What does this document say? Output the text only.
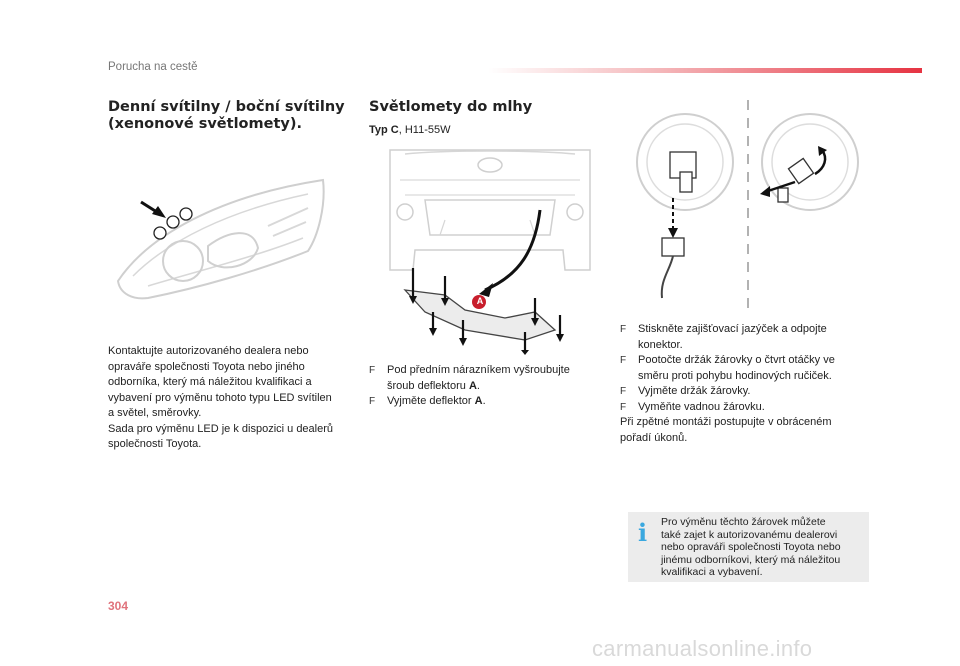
Porucha na cestě
Denní svítilny / boční svítilny (xenonové světlomety).
Světlomety do mlhy
Typ C, H11-55W
Kontaktujte autorizovaného dealera nebo
opraváře společnosti Toyota nebo jiného
odborníka, který má náležitou kvalifikaci a
vybavení pro výměnu tohoto typu LED svítilen
a světel, směrovky.
Sada pro výměnu LED je k dispozici u dealerů
společnosti Toyota.
A
F Pod předním nárazníkem vyšroubujte
šroub deflektoru A.
F Vyjměte deflektor A.
F Stiskněte zajišťovací jazýček a odpojte
konektor.
F Pootočte držák žárovky o čtvrt otáčky ve
směru proti pohybu hodinových ručiček.
F Vyjměte držák žárovky.
F Vyměňte vadnou žárovku.
Při zpětné montáži postupujte v obráceném
pořadí úkonů.
i Pro výměnu těchto žárovek můžete
také zajet k autorizovanému dealerovi
nebo opraváři společnosti Toyota nebo
jinému odborníkovi, který má náležitou
kvalifikaci a vybavení.
304
carmanualsonline.info
